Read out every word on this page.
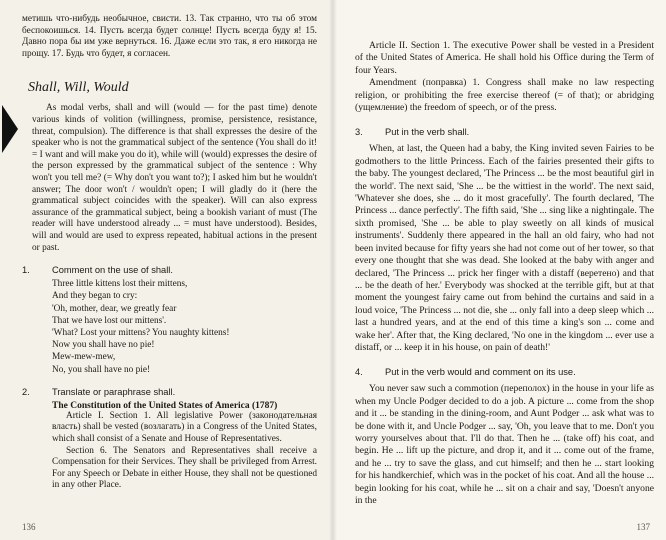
метишь что-нибудь необычное, свисти. 13. Так странно, что ты об этом беспокоишься. 14. Пусть всегда будет солнце! Пусть всегда буду я! 15. Давно пора бы им уже вернуться. 16. Даже если это так, я его никогда не прощу. 17. Будь что будет, я согласен.

Shall, Will, Would

As modal verbs, shall and will (would — for the past time) denote various kinds of volition (willingness, promise, persistence, resistance, threat, compulsion). The difference is that shall expresses the desire of the speaker who is not the grammatical subject of the sentence (You shall do it! = I want and will make you do it), while will (would) expresses the desire of the person expressed by the grammatical subject of the sentence : Why won't you tell me? (= Why don't you want to?); I asked him but he wouldn't answer; The door won't / wouldn't open; I will gladly do it (here the grammatical subject coincides with the speaker). Will can also express assurance of the grammatical subject, being a bookish variant of must (The reader will have understood already ... = must have understood). Besides, will and would are used to express repeated, habitual actions in the present or past.

1.	Comment on the use of shall.

Three little kittens lost their mittens,

And they began to cry:

'Oh, mother, dear, we greatly fear

That we have lost our mittens'.

'What? Lost your mittens? You naughty kittens!

Now you shall have no pie!

Mew-mew-mew,

No, you shall have no pie!

2.	Translate or paraphrase shall.

The Constitution of the United States of America (1787)

Article I. Section 1. All legislative Power (законодательная власть) shall be vested (возлагать) in a Congress of the United States, which shall consist of a Senate and House of Representatives.

Section 6. The Senators and Representatives shall receive a Compensation for their Services. They shall be privileged from Arrest. For any Speech or Debate in either House, they shall not be questioned in any other Place.

136

Article II. Section 1. The executive Power shall be vested in a President of the United States of America. He shall hold his Office during the Term of four Years.

Amendment (поправка) 1. Congress shall make no law respecting religion, or prohibiting the free exercise thereof (= of that); or abridging (ущемление) the freedom of speech, or of the press.

3.	Put in the verb shall.

When, at last, the Queen had a baby, the King invited seven Fairies to be godmothers to the little Princess. Each of the fairies presented their gifts to the baby. The youngest declared, 'The Princess ... be the most beautiful girl in the world'. The next said, 'She ... be the wittiest in the world'. The next said, 'Whatever she does, she ... do it most gracefully'. The fourth declared, 'The Princess ... dance perfectly'. The fifth said, 'She ... sing like a nightingale. The sixth promised, 'She ... be able to play sweetly on all kinds of musical instruments'. Suddenly there appeared in the hall an old fairy, who had not been invited because for fifty years she had not come out of her tower, so that every one thought that she was dead. She looked at the baby with anger and declared, 'The Princess ... prick her finger with a distaff (веретено) and that ... be the death of her.' Everybody was shocked at the terrible gift, but at that moment the youngest fairy came out from behind the curtains and said in a loud voice, 'The Princess ... not die, she ... only fall into a deep sleep which ... last a hundred years, and at the end of this time a king's son ... come and wake her'. After that, the King declared, 'No one in the kingdom ... ever use a distaff, or ... keep it in his house, on pain of death!'

4.	Put in the verb would and comment on its use.

You never saw such a commotion (переполох) in the house in your life as when my Uncle Podger decided to do a job. A picture ... come from the shop and it ... be standing in the dining-room, and Aunt Podger ... ask what was to be done with it, and Uncle Podger ... say, 'Oh, you leave that to me. Don't you worry yourselves about that. I'll do that. Then he ... (take off) his coat, and begin. He ... lift up the picture, and drop it, and it ... come out of the frame, and he ... try to save the glass, and cut himself; and then he ... start looking for his handkerchief, which was in the pocket of his coat. And all the house ... begin looking for his coat, while he ... sit on a chair and say, 'Doesn't anyone in the

137
